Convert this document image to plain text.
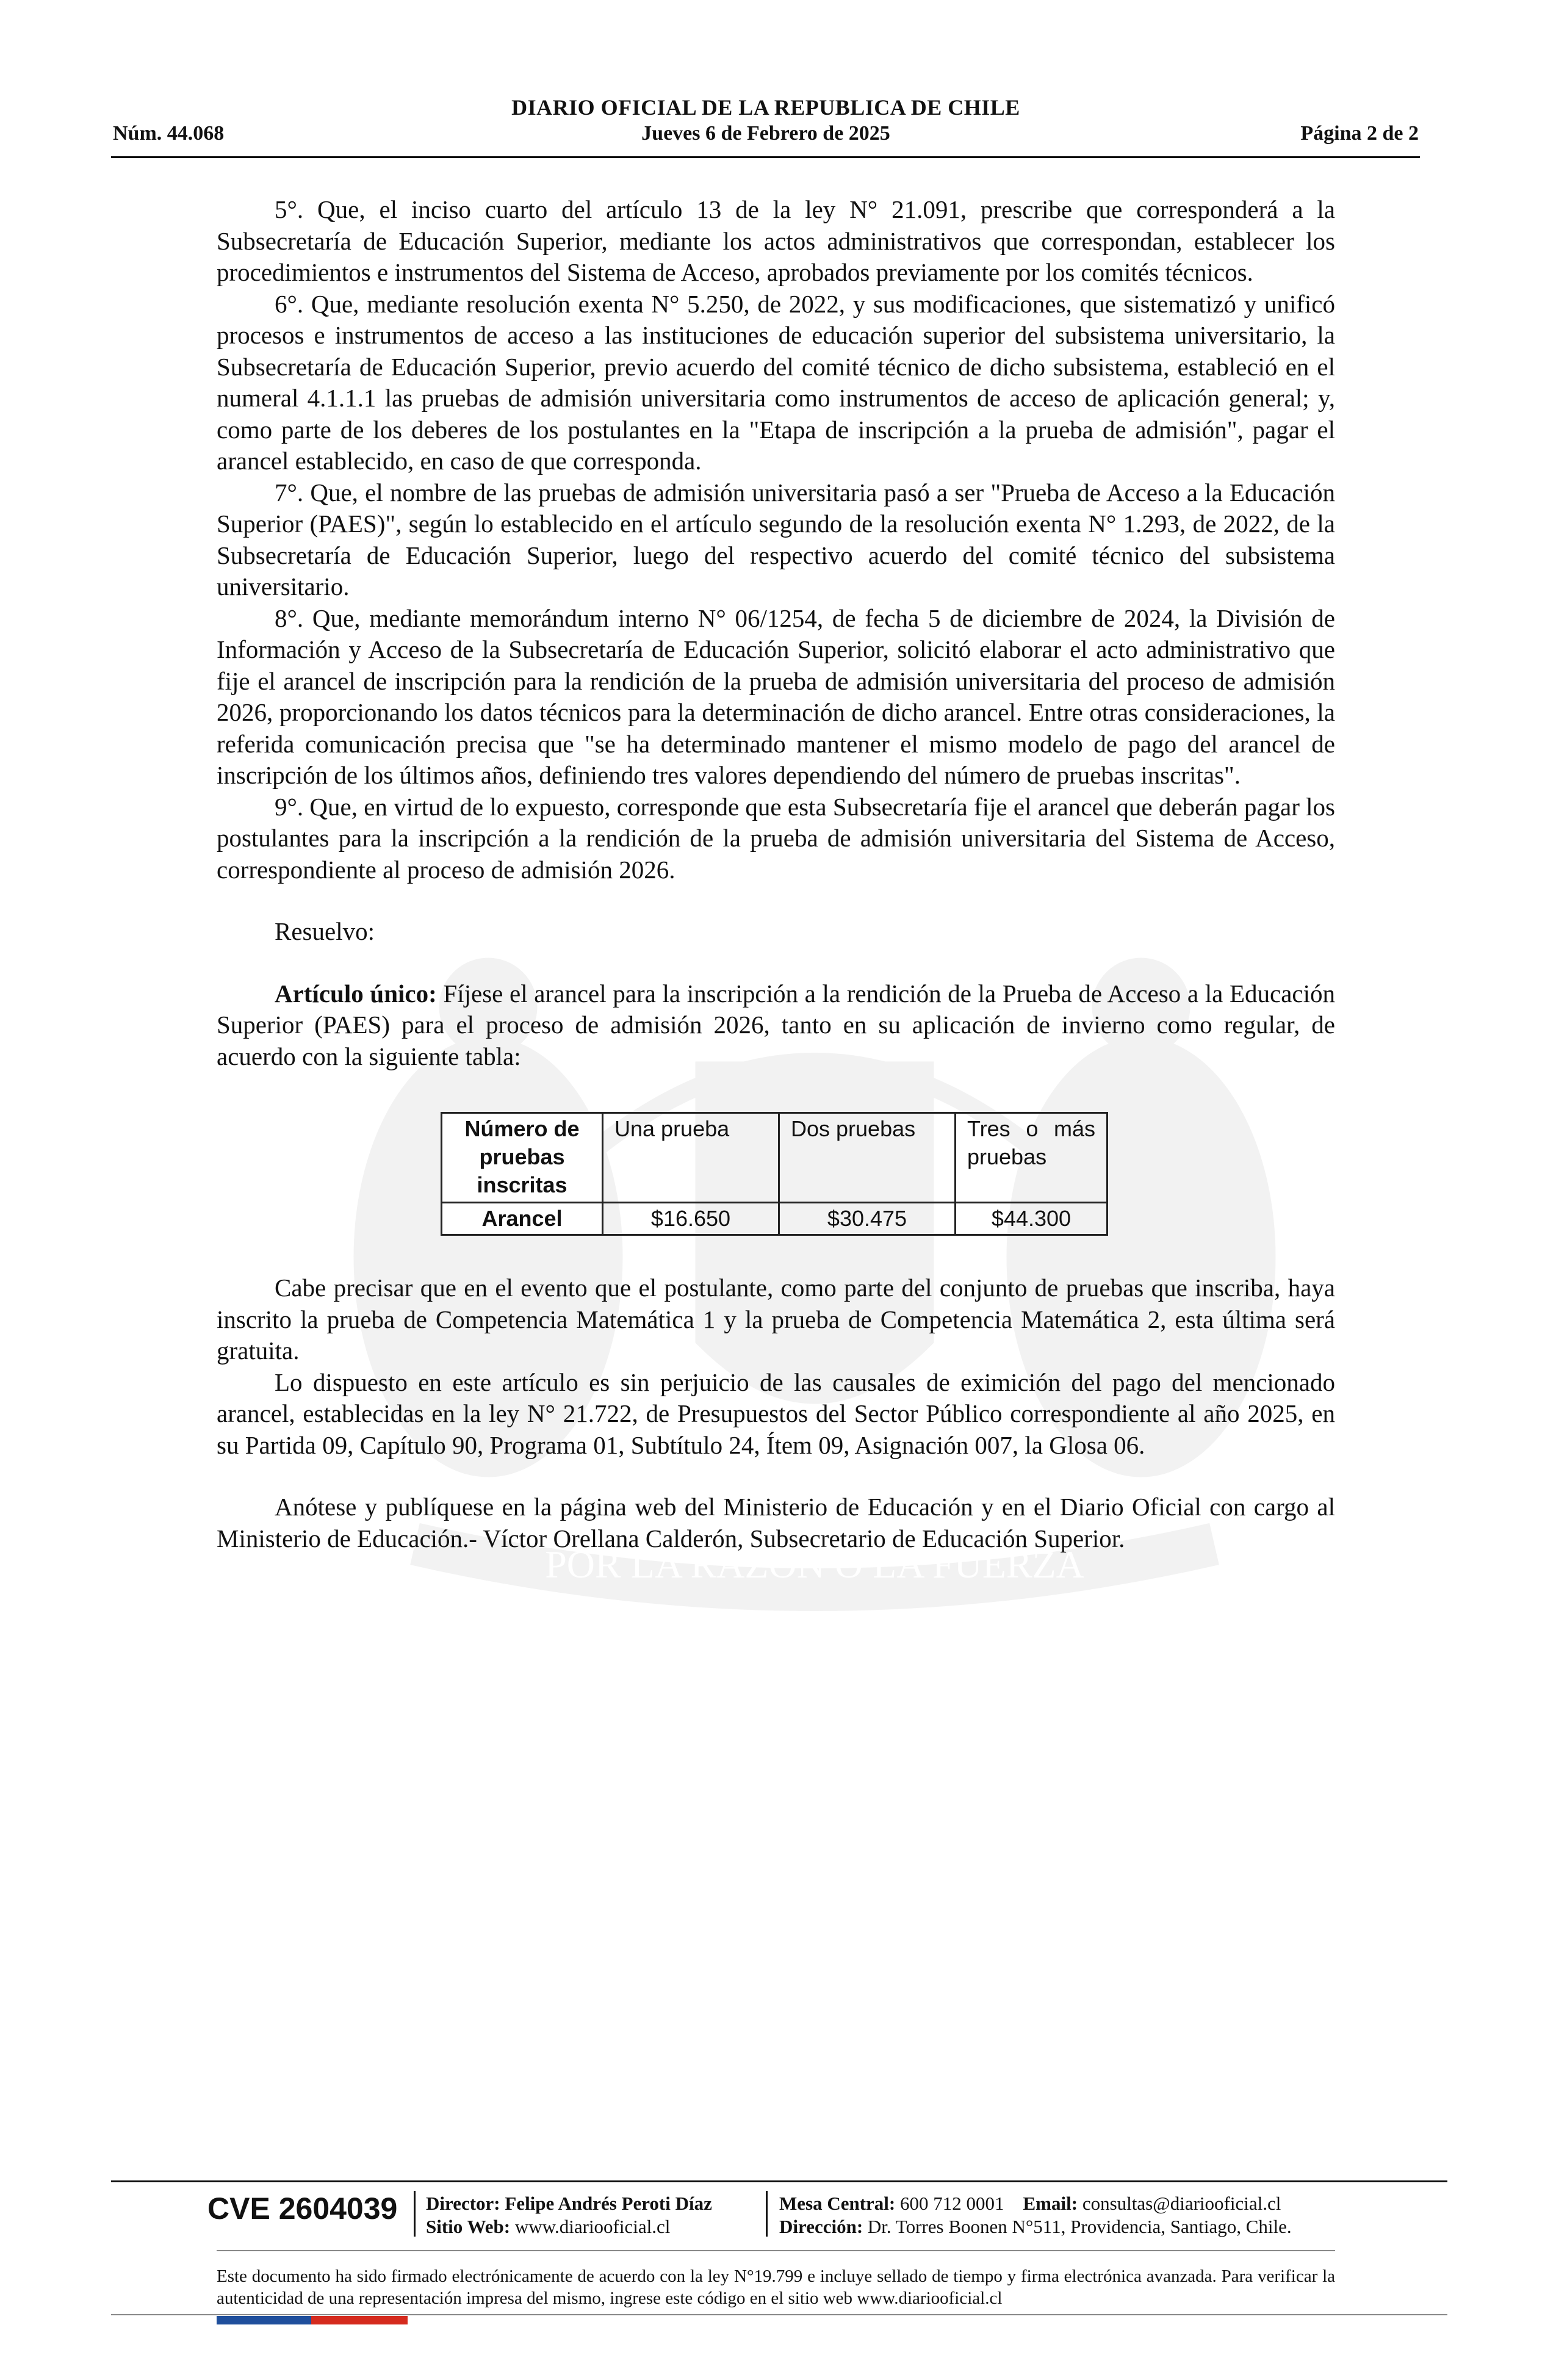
POR LA RAZON O LA FUERZA
DIARIO OFICIAL DE LA REPUBLICA DE CHILE
Núm. 44.068	Jueves 6 de Febrero de 2025	Página 2 de 2

5°. Que, el inciso cuarto del artículo 13 de la ley N° 21.091, prescribe que corresponderá a la Subsecretaría de Educación Superior, mediante los actos administrativos que correspondan, establecer los procedimientos e instrumentos del Sistema de Acceso, aprobados previamente por los comités técnicos.

6°. Que, mediante resolución exenta N° 5.250, de 2022, y sus modificaciones, que sistematizó y unificó procesos e instrumentos de acceso a las instituciones de educación superior del subsistema universitario, la Subsecretaría de Educación Superior, previo acuerdo del comité técnico de dicho subsistema, estableció en el numeral 4.1.1.1 las pruebas de admisión universitaria como instrumentos de acceso de aplicación general; y, como parte de los deberes de los postulantes en la "Etapa de inscripción a la prueba de admisión", pagar el arancel establecido, en caso de que corresponda.

7°. Que, el nombre de las pruebas de admisión universitaria pasó a ser "Prueba de Acceso a la Educación Superior (PAES)", según lo establecido en el artículo segundo de la resolución exenta N° 1.293, de 2022, de la Subsecretaría de Educación Superior, luego del respectivo acuerdo del comité técnico del subsistema universitario.

8°. Que, mediante memorándum interno N° 06/1254, de fecha 5 de diciembre de 2024, la División de Información y Acceso de la Subsecretaría de Educación Superior, solicitó elaborar el acto administrativo que fije el arancel de inscripción para la rendición de la prueba de admisión universitaria del proceso de admisión 2026, proporcionando los datos técnicos para la determinación de dicho arancel. Entre otras consideraciones, la referida comunicación precisa que "se ha determinado mantener el mismo modelo de pago del arancel de inscripción de los últimos años, definiendo tres valores dependiendo del número de pruebas inscritas".

9°. Que, en virtud de lo expuesto, corresponde que esta Subsecretaría fije el arancel que deberán pagar los postulantes para la inscripción a la rendición de la prueba de admisión universitaria del Sistema de Acceso, correspondiente al proceso de admisión 2026.

Resuelvo:

Artículo único: Fíjese el arancel para la inscripción a la rendición de la Prueba de Acceso a la Educación Superior (PAES) para el proceso de admisión 2026, tanto en su aplicación de invierno como regular, de acuerdo con la siguiente tabla:

Número de pruebas inscritas	Una prueba	Dos pruebas	Tres o más pruebas
Arancel	$16.650	$30.475	$44.300

Cabe precisar que en el evento que el postulante, como parte del conjunto de pruebas que inscriba, haya inscrito la prueba de Competencia Matemática 1 y la prueba de Competencia Matemática 2, esta última será gratuita.

Lo dispuesto en este artículo es sin perjuicio de las causales de eximición del pago del mencionado arancel, establecidas en la ley N° 21.722, de Presupuestos del Sector Público correspondiente al año 2025, en su Partida 09, Capítulo 90, Programa 01, Subtítulo 24, Ítem 09, Asignación 007, la Glosa 06.

Anótese y publíquese en la página web del Ministerio de Educación y en el Diario Oficial con cargo al Ministerio de Educación.- Víctor Orellana Calderón, Subsecretario de Educación Superior.

CVE 2604039 Director: Felipe Andrés Peroti Díaz
Sitio Web: www.diariooficial.cl
Mesa Central: 600 712 0001 Email: consultas@diariooficial.cl
Dirección: Dr. Torres Boonen N°511, Providencia, Santiago, Chile.
Este documento ha sido firmado electrónicamente de acuerdo con la ley N°19.799 e incluye sellado de tiempo y firma electrónica avanzada. Para verificar la autenticidad de una representación impresa del mismo, ingrese este código en el sitio web www.diariooficial.cl
